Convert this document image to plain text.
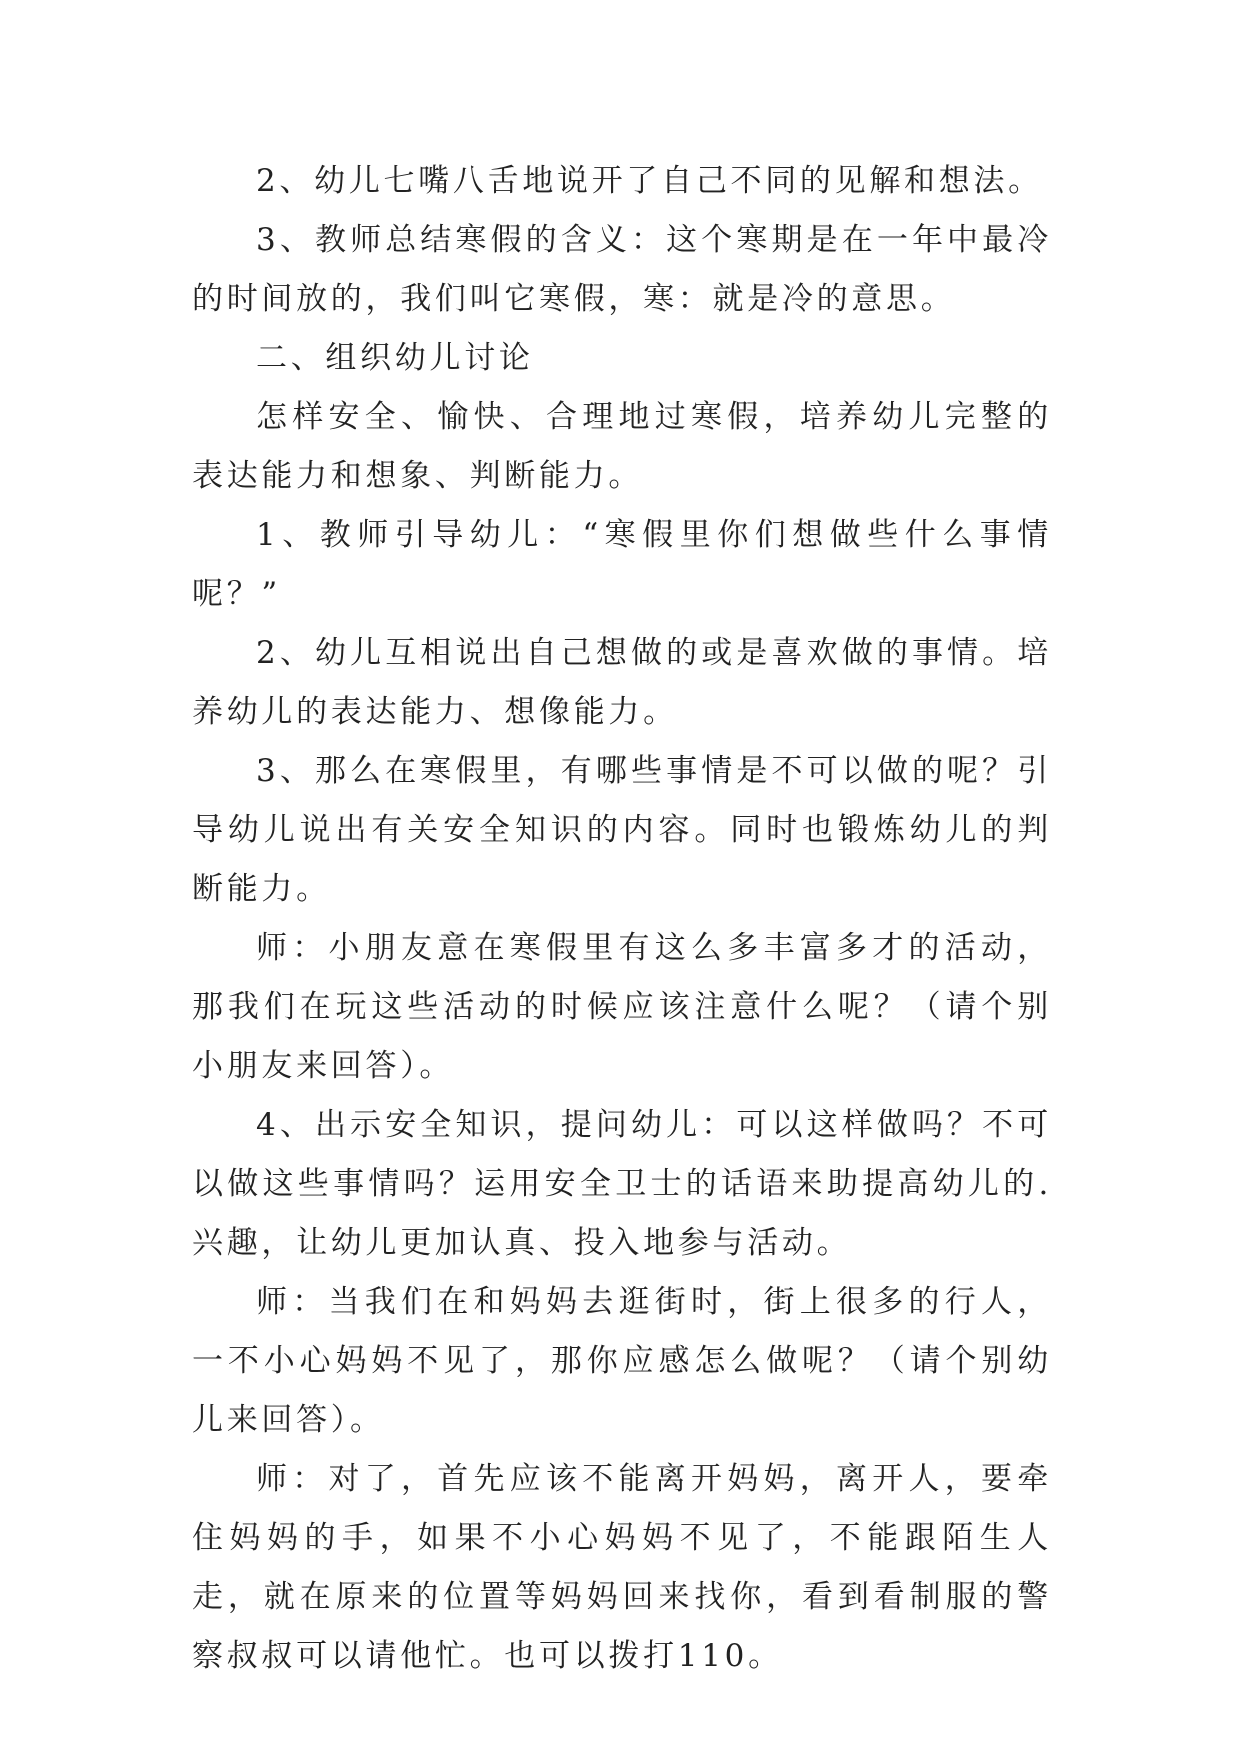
2、幼儿七嘴八舌地说开了自己不同的见解和想法。

3、教师总结寒假的含义：这个寒期是在一年中最冷的时间放的，我们叫它寒假，寒：就是冷的意思。

二、组织幼儿讨论

怎样安全、愉快、合理地过寒假，培养幼儿完整的表达能力和想象、判断能力。

1、教师引导幼儿：“寒假里你们想做些什么事情呢？”

2、幼儿互相说出自己想做的或是喜欢做的事情。培养幼儿的表达能力、想像能力。

3、那么在寒假里，有哪些事情是不可以做的呢？引导幼儿说出有关安全知识的内容。同时也锻炼幼儿的判断能力。

师：小朋友意在寒假里有这么多丰富多才的活动，那我们在玩这些活动的时候应该注意什么呢？（请个别小朋友来回答）。

4、出示安全知识，提问幼儿：可以这样做吗？不可以做这些事情吗？运用安全卫士的话语来助提高幼儿的.兴趣，让幼儿更加认真、投入地参与活动。

师：当我们在和妈妈去逛街时，街上很多的行人，一不小心妈妈不见了，那你应感怎么做呢？（请个别幼儿来回答）。

师：对了，首先应该不能离开妈妈，离开人，要牵住妈妈的手，如果不小心妈妈不见了，不能跟陌生人走，就在原来的位置等妈妈回来找你，看到看制服的警察叔叔可以请他忙。也可以拨打110。
